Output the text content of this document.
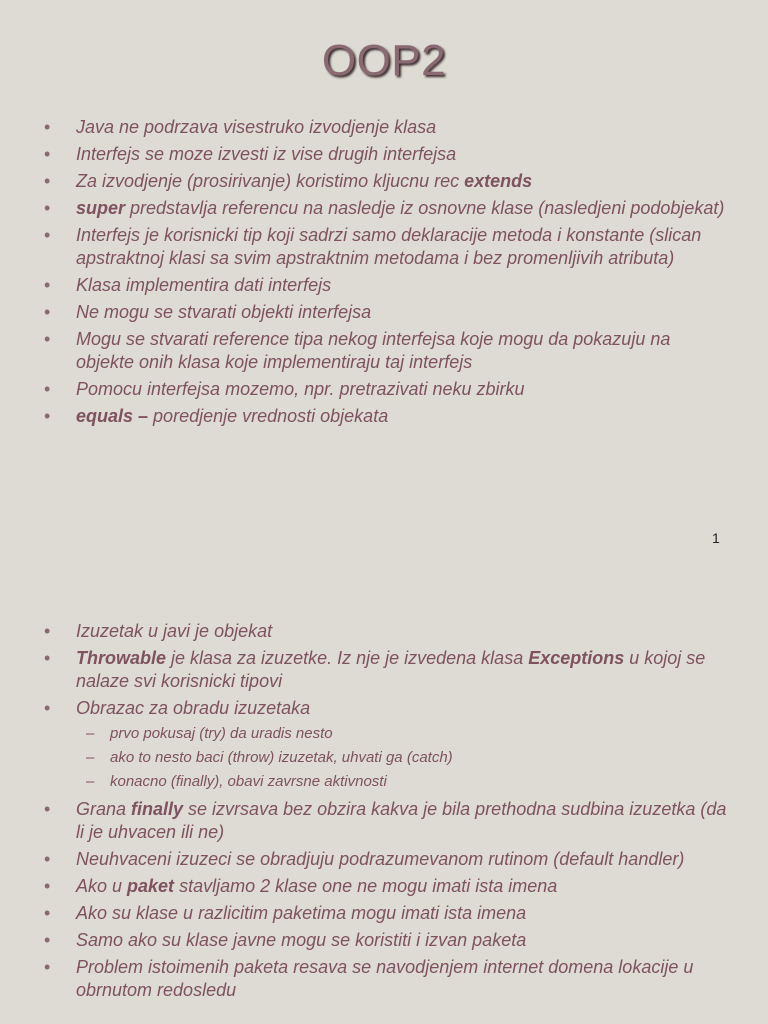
OOP2
• Java ne podrzava visestruko izvodjenje klasa
• Interfejs se moze izvesti iz vise drugih interfejsa
• Za izvodjenje (prosirivanje) koristimo kljucnu rec extends
• super predstavlja referencu na nasledje iz osnovne klase (nasledjeni podobjekat)
• Interfejs je korisnicki tip koji sadrzi samo deklaracije metoda i konstante (slican apstraktnoj klasi sa svim apstraktnim metodama i bez promenljivih atributa)
• Klasa implementira dati interfejs
• Ne mogu se stvarati objekti interfejsa
• Mogu se stvarati reference tipa nekog interfejsa koje mogu da pokazuju na objekte onih klasa koje implementiraju taj interfejs
• Pomocu interfejsa mozemo, npr. pretrazivati neku zbirku
• equals – poredjenje vrednosti objekata
1
• Izuzetak u javi je objekat
• Throwable je klasa za izuzetke. Iz nje je izvedena klasa Exceptions u kojoj se nalaze svi korisnicki tipovi
• Obrazac za obradu izuzetaka
– prvo pokusaj (try) da uradis nesto
– ako to nesto baci (throw) izuzetak, uhvati ga (catch)
– konacno (finally), obavi zavrsne aktivnosti
• Grana finally se izvrsava bez obzira kakva je bila prethodna sudbina izuzetka (da li je uhvacen ili ne)
• Neuhvaceni izuzeci se obradjuju podrazumevanom rutinom (default handler)
• Ako u paket stavljamo 2 klase one ne mogu imati ista imena
• Ako su klase u razlicitim paketima mogu imati ista imena
• Samo ako su klase javne mogu se koristiti i izvan paketa
• Problem istoimenih paketa resava se navodjenjem internet domena lokacije u obrnutom redosledu
